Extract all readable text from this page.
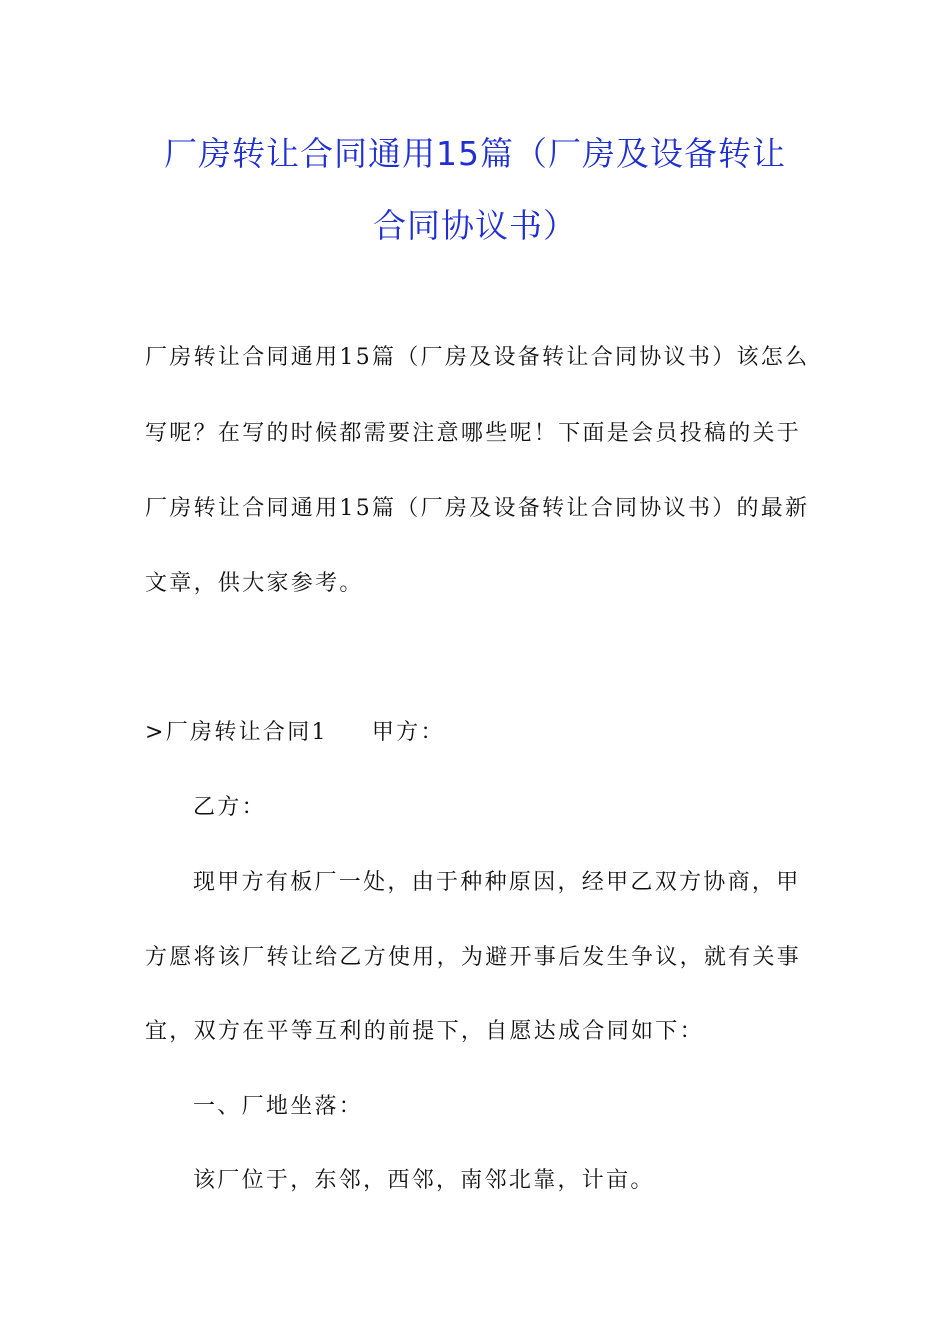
厂房转让合同通用15篇（厂房及设备转让
合同协议书）
厂房转让合同通用15篇（厂房及设备转让合同协议书）该怎么
写呢？在写的时候都需要注意哪些呢！下面是会员投稿的关于
厂房转让合同通用15篇（厂房及设备转让合同协议书）的最新
文章，供大家参考。
>厂房转让合同1 甲方：
乙方：
现甲方有板厂一处，由于种种原因，经甲乙双方协商，甲
方愿将该厂转让给乙方使用，为避开事后发生争议，就有关事
宜，双方在平等互利的前提下，自愿达成合同如下：
一、厂地坐落：
该厂位于，东邻，西邻，南邻北靠，计亩。
